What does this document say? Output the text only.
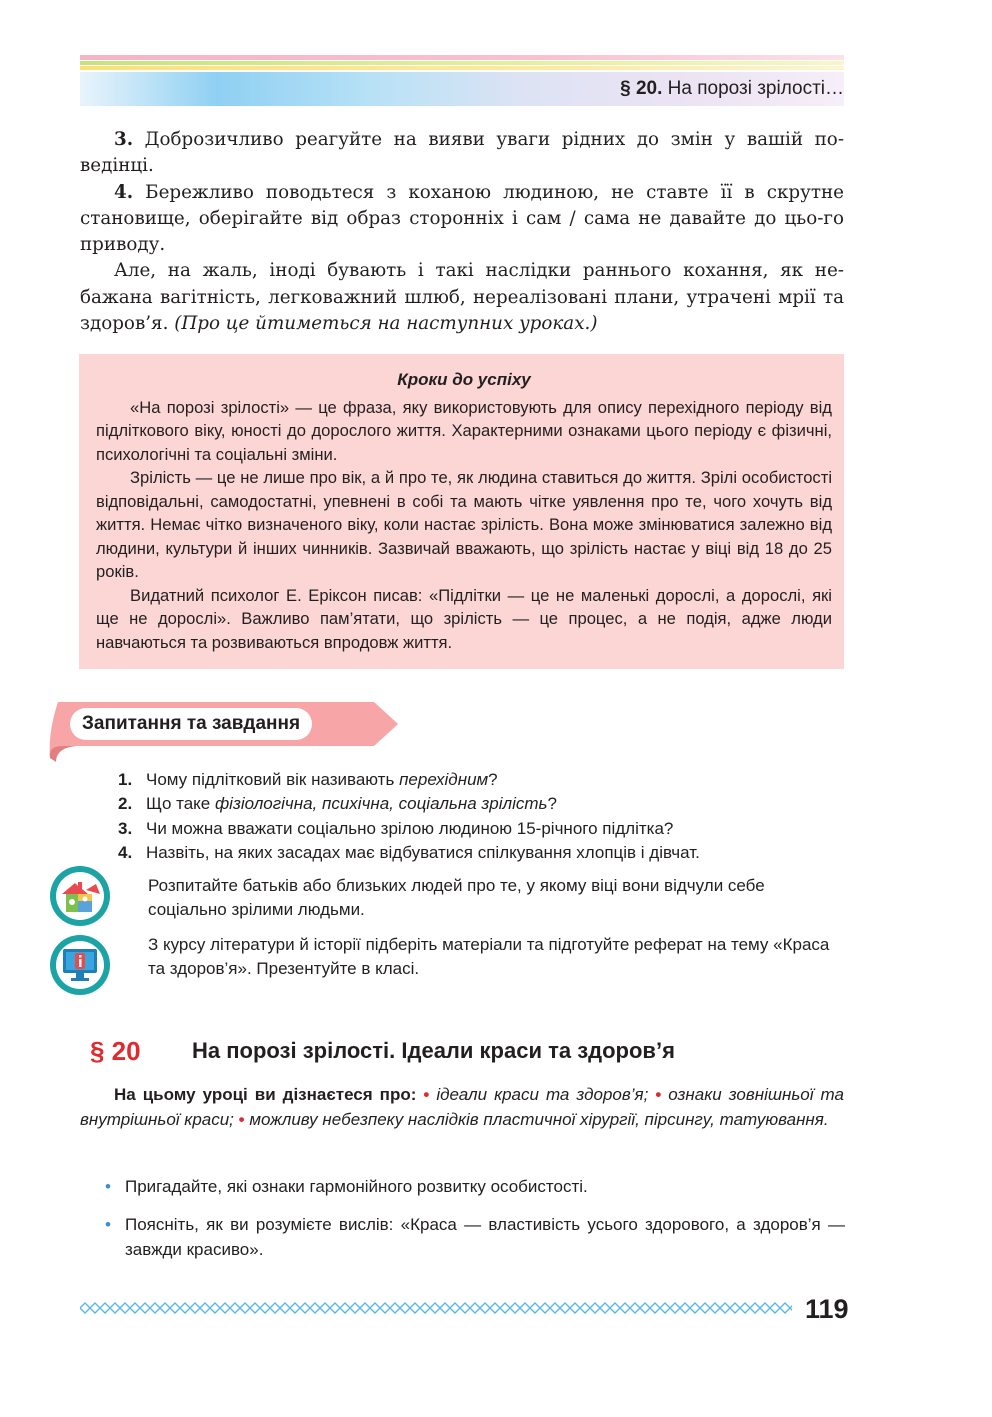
§ 20. На порозі зрілості…

3. Доброзичливо реагуйте на вияви уваги рідних до змін у вашій по-ведінці.

4. Бережливо поводьтеся з коханою людиною, не ставте її в скрутне становище, оберігайте від образ сторонніх і сам / сама не давайте до цьо-го приводу.

Але, на жаль, іноді бувають і такі наслідки раннього кохання, як не-бажана вагітність, легковажний шлюб, нереалізовані плани, утрачені мрії та здоров’я. (Про це йтиметься на наступних уроках.)

Кроки до успіху

«На порозі зрілості» — це фраза, яку використовують для опису перехідного періоду від підліткового віку, юності до дорослого життя. Характерними ознаками цього періоду є фізичні, психологічні та соціальні зміни.

Зрілість — це не лише про вік, а й про те, як людина ставиться до життя. Зрілі особистості відповідальні, самодостатні, упевнені в собі та мають чітке уявлення про те, чого хочуть від життя. Немає чітко визначеного віку, коли настає зрілість. Вона може змінюватися залежно від людини, культури й інших чинників. Зазвичай вважають, що зрілість настає у віці від 18 до 25 років.

Видатний психолог Е. Еріксон писав: «Підлітки — це не маленькі дорослі, а дорослі, які ще не дорослі». Важливо пам’ятати, що зрілість — це процес, а не подія, адже люди навчаються та розвиваються впродовж життя.

Запитання та завдання
1. Чому підлітковий вік називають перехідним?
2. Що таке фізіологічна, психічна, соціальна зрілість?
3. Чи можна вважати соціально зрілою людиною 15-річного підлітка?
4. Назвіть, на яких засадах має відбуватися спілкування хлопців і дівчат.
Розпитайте батьків або близьких людей про те, у якому віці вони відчули себе соціально зрілими людьми.
З курсу літератури й історії підберіть матеріали та підготуйте реферат на тему «Краса та здоров’я». Презентуйте в класі.
§ 20 На порозі зрілості. Ідеали краси та здоров’я
На цьому уроці ви дізнаєтеся про: • ідеали краси та здоров’я; • ознаки зовнішньої та внутрішньої краси; • можливу небезпеку наслідків пластичної хірургії, пірсингу, татуювання.
• Пригадайте, які ознаки гармонійного розвитку особистості.
• Поясніть, як ви розумієте вислів: «Краса — властивість усього здорового, а здоров’я — завжди красиво».
119
